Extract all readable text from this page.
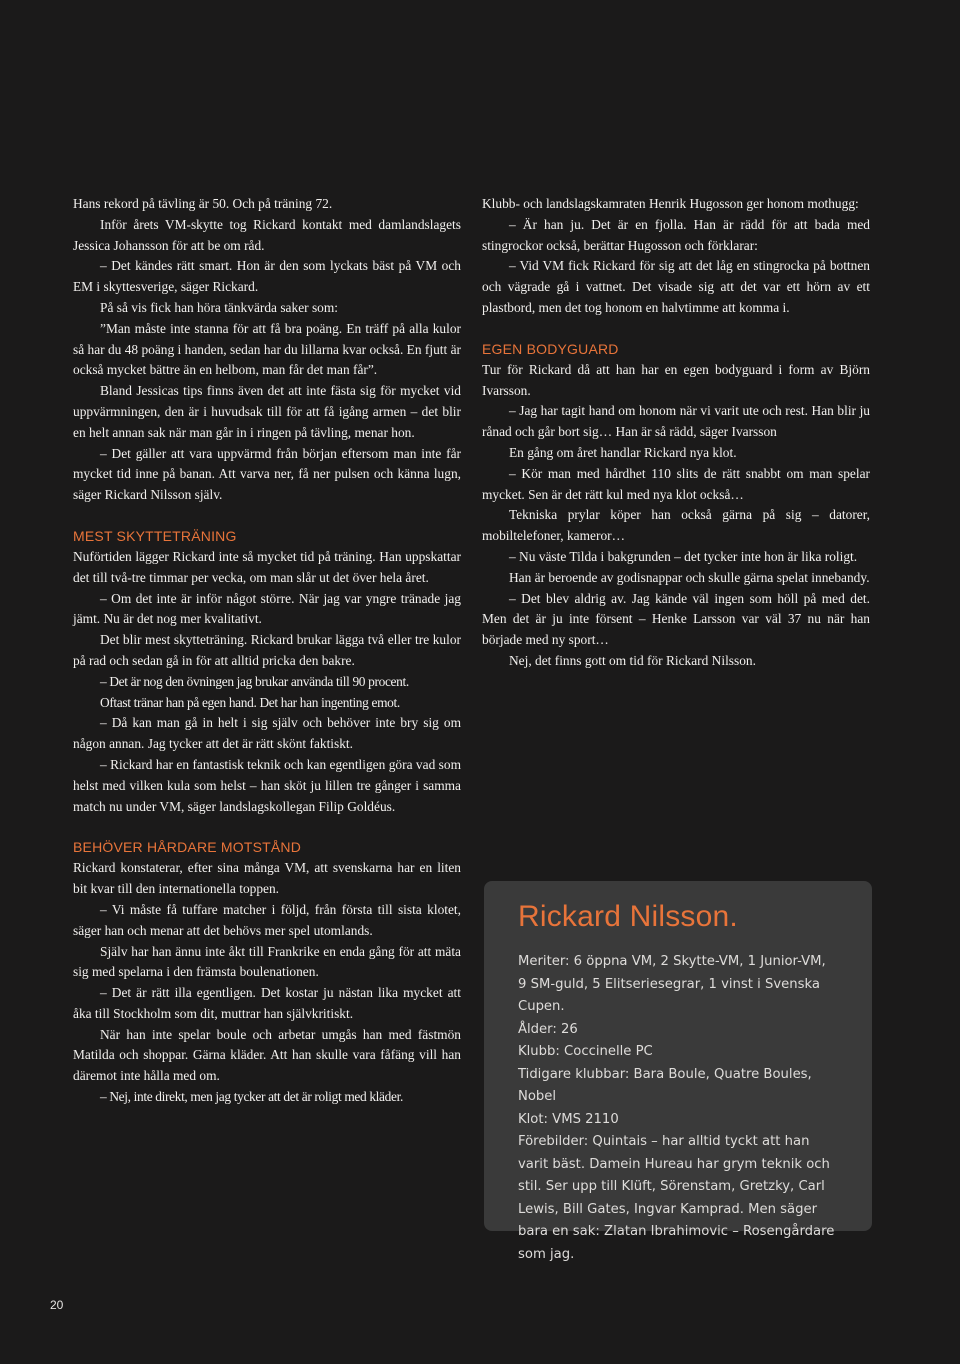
Hans rekord på tävling är 50. Och på träning 72.

Inför årets VM-skytte tog Rickard kontakt med damlandslagets Jessica Johansson för att be om råd.

– Det kändes rätt smart. Hon är den som lyckats bäst på VM och EM i skyttesverige, säger Rickard.

På så vis fick han höra tänkvärda saker som:

”Man måste inte stanna för att få bra poäng. En träff på alla kulor så har du 48 poäng i handen, sedan har du lillarna kvar också. En fjutt är också mycket bättre än en helbom, man får det man får”.

Bland Jessicas tips finns även det att inte fästa sig för mycket vid uppvärmningen, den är i huvudsak till för att få igång armen – det blir en helt annan sak när man går in i ringen på tävling, menar hon.

– Det gäller att vara uppvärmd från början eftersom man inte får mycket tid inne på banan. Att varva ner, få ner pulsen och känna lugn, säger Rickard Nilsson själv.

MEST SKYTTETRÄNING

Nuförtiden lägger Rickard inte så mycket tid på träning. Han uppskattar det till två-tre timmar per vecka, om man slår ut det över hela året.

– Om det inte är inför något större. När jag var yngre tränade jag jämt. Nu är det nog mer kvalitativt.

Det blir mest skytteträning. Rickard brukar lägga två eller tre kulor på rad och sedan gå in för att alltid pricka den bakre.

– Det är nog den övningen jag brukar använda till 90 procent.

Oftast tränar han på egen hand. Det har han ingenting emot.

– Då kan man gå in helt i sig själv och behöver inte bry sig om någon annan. Jag tycker att det är rätt skönt faktiskt.

– Rickard har en fantastisk teknik och kan egentligen göra vad som helst med vilken kula som helst – han sköt ju lillen tre gånger i samma match nu under VM, säger landslagskollegan Filip Goldéus.

BEHÖVER HÅRDARE MOTSTÅND

Rickard konstaterar, efter sina många VM, att svenskarna har en liten bit kvar till den internationella toppen.

– Vi måste få tuffare matcher i följd, från första till sista klotet, säger han och menar att det behövs mer spel utomlands.

Själv har han ännu inte åkt till Frankrike en enda gång för att mäta sig med spelarna i den främsta boulenationen.

– Det är rätt illa egentligen. Det kostar ju nästan lika mycket att åka till Stockholm som dit, muttrar han självkritiskt.

När han inte spelar boule och arbetar umgås han med fästmön Matilda och shoppar. Gärna kläder. Att han skulle vara fåfäng vill han däremot inte hålla med om.

– Nej, inte direkt, men jag tycker att det är roligt med kläder.

Klubb- och landslagskamraten Henrik Hugosson ger honom mothugg:

– Är han ju. Det är en fjolla. Han är rädd för att bada med stingrockor också, berättar Hugosson och förklarar:

– Vid VM fick Rickard för sig att det låg en stingrocka på bottnen och vägrade gå i vattnet. Det visade sig att det var ett hörn av ett plastbord, men det tog honom en halvtimme att komma i.

EGEN BODYGUARD

Tur för Rickard då att han har en egen bodyguard i form av Björn Ivarsson.

– Jag har tagit hand om honom när vi varit ute och rest. Han blir ju rånad och går bort sig… Han är så rädd, säger Ivarsson

En gång om året handlar Rickard nya klot.

– Kör man med hårdhet 110 slits de rätt snabbt om man spelar mycket. Sen är det rätt kul med nya klot också…

Tekniska prylar köper han också gärna på sig – datorer, mobiltelefoner, kameror…

– Nu väste Tilda i bakgrunden – det tycker inte hon är lika roligt.

Han är beroende av godisnappar och skulle gärna spelat innebandy.

– Det blev aldrig av. Jag kände väl ingen som höll på med det. Men det är ju inte försent – Henke Larsson var väl 37 nu när han började med ny sport…

Nej, det finns gott om tid för Rickard Nilsson.

Rickard Nilsson.

Meriter: 6 öppna VM, 2 Skytte-VM, 1 Junior-VM, 9 SM-guld, 5 Elitseriesegrar, 1 vinst i Svenska Cupen.

Ålder: 26

Klubb: Coccinelle PC

Tidigare klubbar: Bara Boule, Quatre Boules, Nobel

Klot: VMS 2110

Förebilder: Quintais – har alltid tyckt att han varit bäst. Damein Hureau har grym teknik och stil. Ser upp till Klüft, Sörenstam, Gretzky, Carl Lewis, Bill Gates, Ingvar Kamprad. Men säger bara en sak: Zlatan Ibrahimovic – Rosengårdare som jag.

20
